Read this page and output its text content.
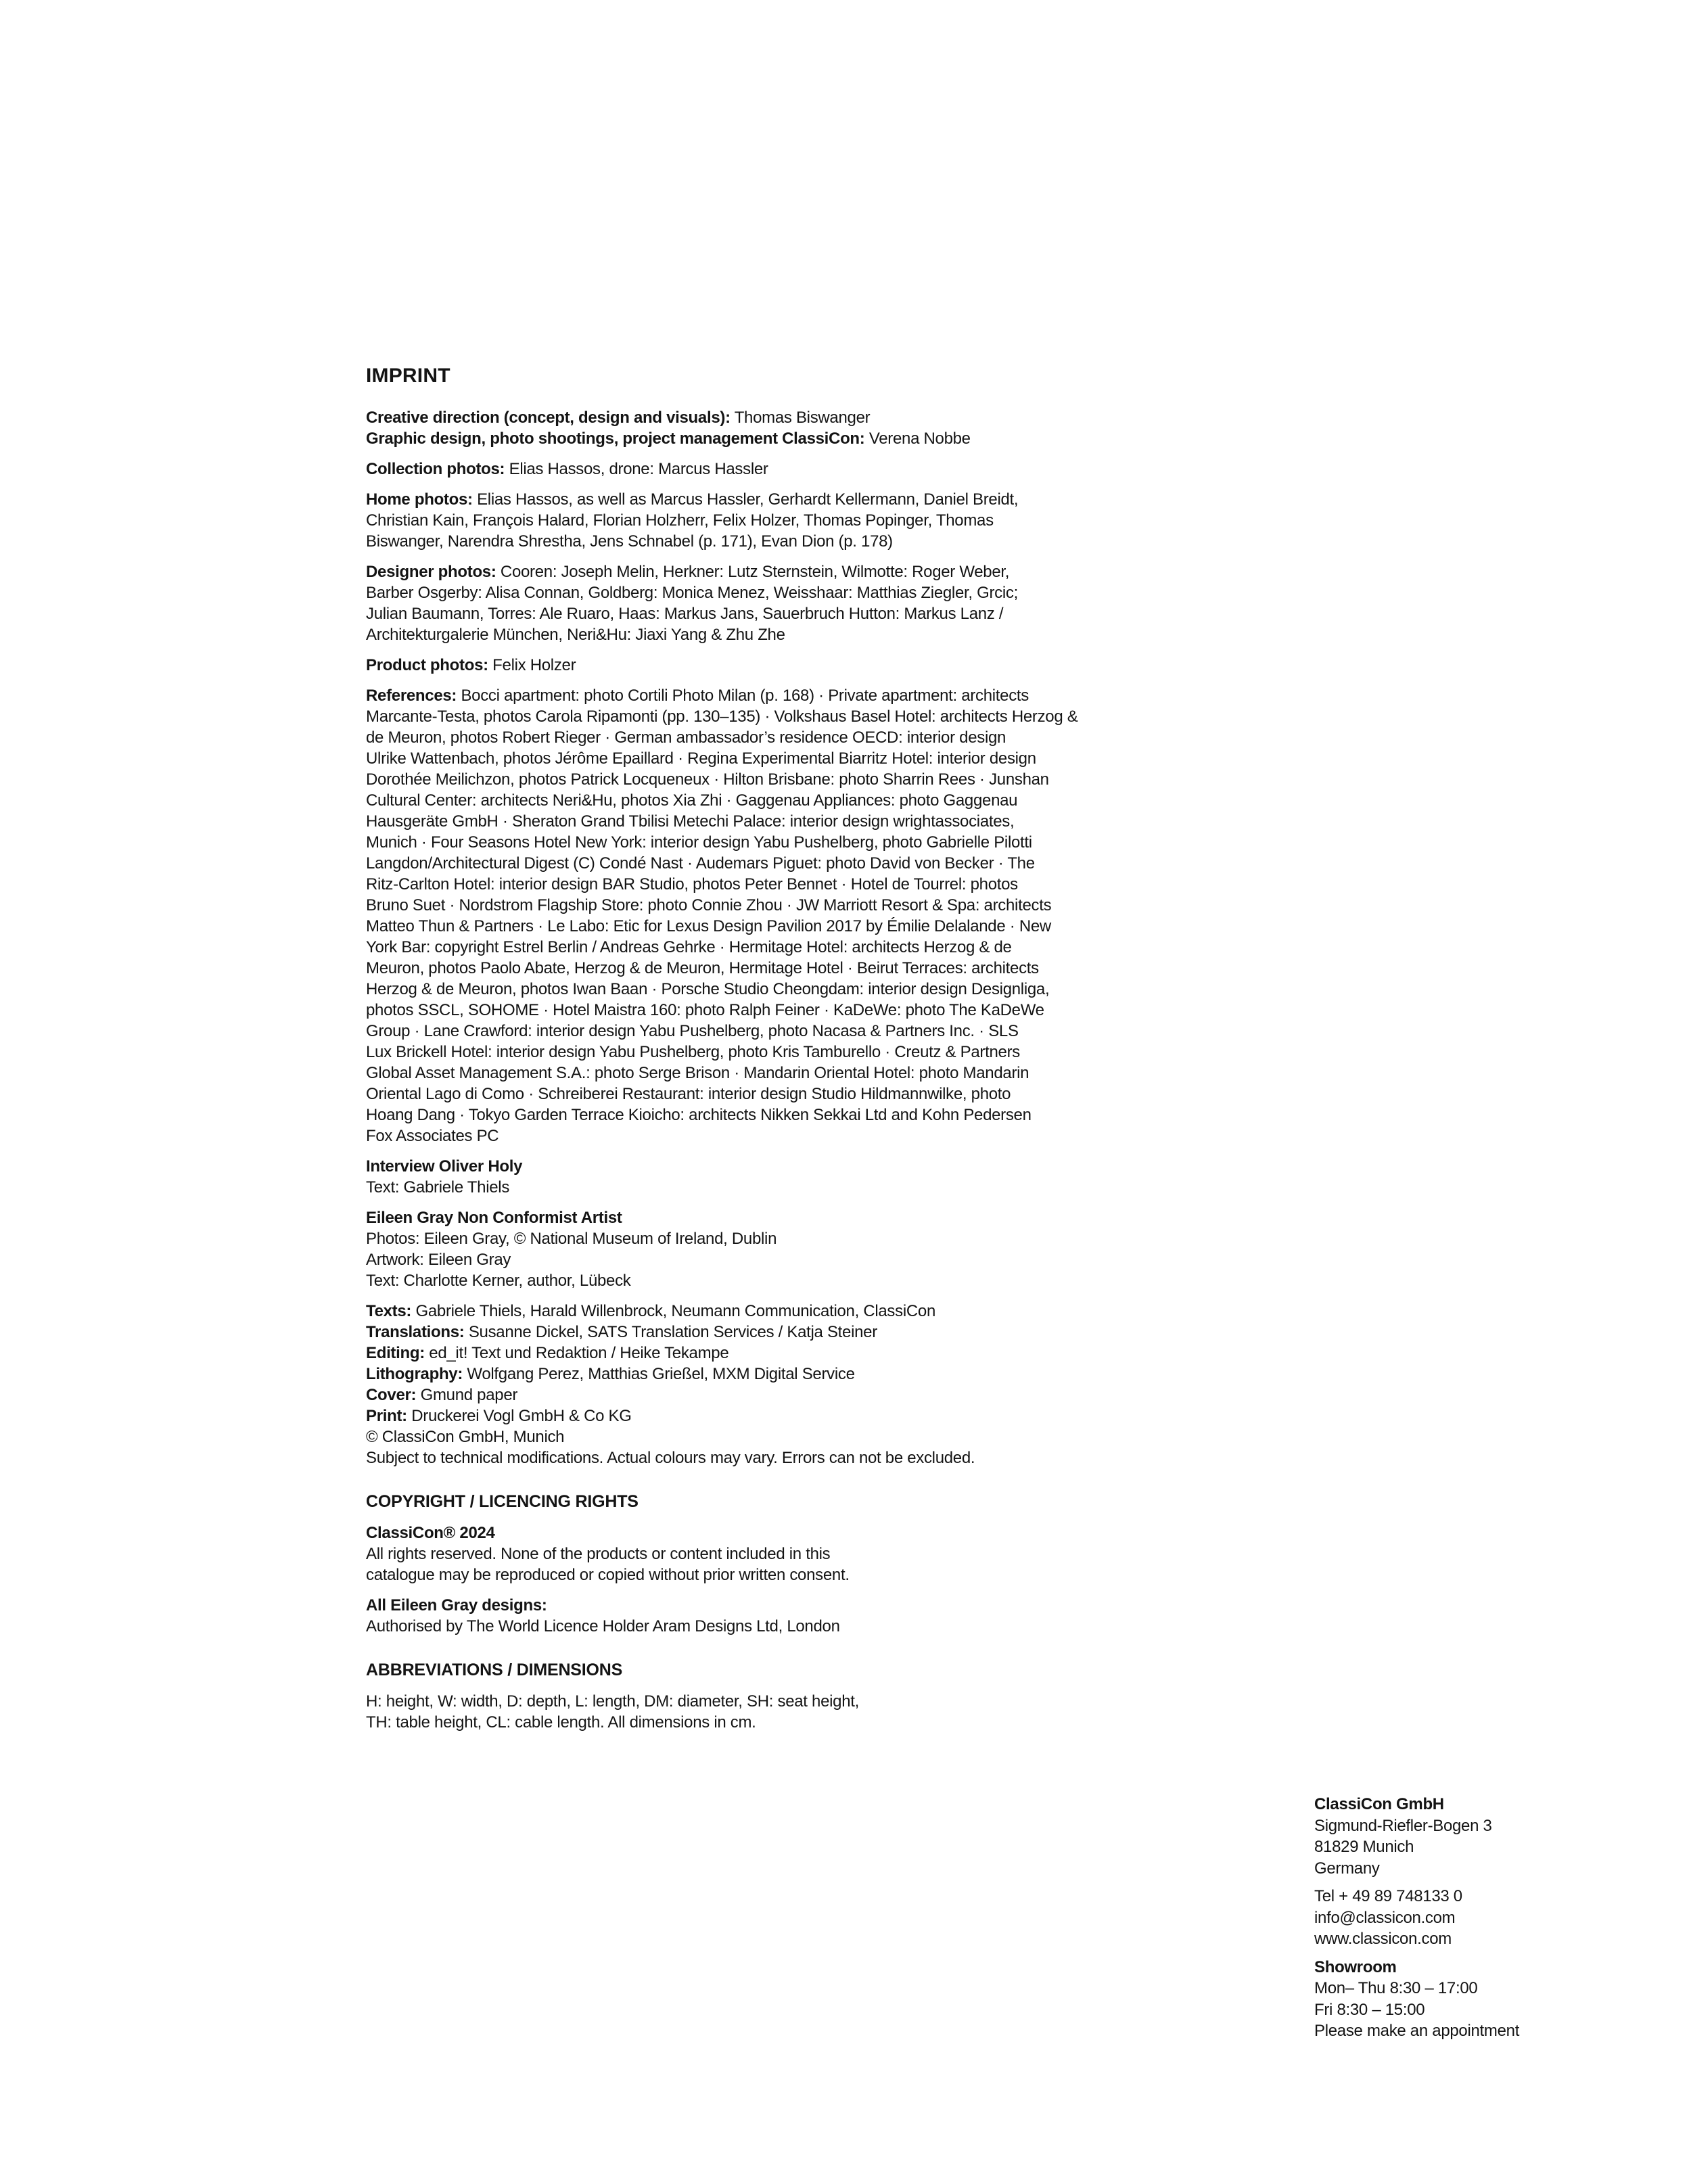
IMPRINT
Creative direction (concept, design and visuals): Thomas Biswanger
Graphic design, photo shootings, project management ClassiCon: Verena Nobbe
Collection photos: Elias Hassos, drone: Marcus Hassler
Home photos: Elias Hassos, as well as Marcus Hassler, Gerhardt Kellermann, Daniel Breidt,
Christian Kain, François Halard, Florian Holzherr, Felix Holzer, Thomas Popinger, Thomas
Biswanger, Narendra Shrestha, Jens Schnabel (p. 171), Evan Dion (p. 178)
Designer photos: Cooren: Joseph Melin, Herkner: Lutz Sternstein, Wilmotte: Roger Weber,
Barber Osgerby: Alisa Connan, Goldberg: Monica Menez, Weisshaar: Matthias Ziegler, Grcic;
Julian Baumann, Torres: Ale Ruaro, Haas: Markus Jans, Sauerbruch Hutton: Markus Lanz /
Architekturgalerie München, Neri&Hu: Jiaxi Yang & Zhu Zhe
Product photos: Felix Holzer
References: Bocci apartment: photo Cortili Photo Milan (p. 168) · Private apartment: architects
Marcante-Testa, photos Carola Ripamonti (pp. 130–135) · Volkshaus Basel Hotel: architects Herzog &
de Meuron, photos Robert Rieger · German ambassador’s residence OECD: interior design
Ulrike Wattenbach, photos Jérôme Epaillard · Regina Experimental Biarritz Hotel: interior design
Dorothée Meilichzon, photos Patrick Locqueneux · Hilton Brisbane: photo Sharrin Rees · Junshan
Cultural Center: architects Neri&Hu, photos Xia Zhi · Gaggenau Appliances: photo Gaggenau
Hausgeräte GmbH · Sheraton Grand Tbilisi Metechi Palace: interior design wrightassociates,
Munich · Four Seasons Hotel New York: interior design Yabu Pushelberg, photo Gabrielle Pilotti
Langdon/Architectural Digest (C) Condé Nast · Audemars Piguet: photo David von Becker · The
Ritz-Carlton Hotel: interior design BAR Studio, photos Peter Bennet · Hotel de Tourrel: photos
Bruno Suet · Nordstrom Flagship Store: photo Connie Zhou · JW Marriott Resort & Spa: architects
Matteo Thun & Partners · Le Labo: Etic for Lexus Design Pavilion 2017 by Émilie Delalande · New
York Bar: copyright Estrel Berlin / Andreas Gehrke · Hermitage Hotel: architects Herzog & de
Meuron, photos Paolo Abate, Herzog & de Meuron, Hermitage Hotel · Beirut Terraces: architects
Herzog & de Meuron, photos Iwan Baan · Porsche Studio Cheongdam: interior design Designliga,
photos SSCL, SOHOME · Hotel Maistra 160: photo Ralph Feiner · KaDeWe: photo The KaDeWe
Group · Lane Crawford: interior design Yabu Pushelberg, photo Nacasa & Partners Inc. · SLS
Lux Brickell Hotel: interior design Yabu Pushelberg, photo Kris Tamburello · Creutz & Partners
Global Asset Management S.A.: photo Serge Brison · Mandarin Oriental Hotel: photo Mandarin
Oriental Lago di Como · Schreiberei Restaurant: interior design Studio Hildmannwilke, photo
Hoang Dang · Tokyo Garden Terrace Kioicho: architects Nikken Sekkai Ltd and Kohn Pedersen
Fox Associates PC
Interview Oliver Holy
Text: Gabriele Thiels
Eileen Gray Non Conformist Artist
Photos: Eileen Gray, © National Museum of Ireland, Dublin
Artwork: Eileen Gray
Text: Charlotte Kerner, author, Lübeck
Texts: Gabriele Thiels, Harald Willenbrock, Neumann Communication, ClassiCon
Translations: Susanne Dickel, SATS Translation Services / Katja Steiner
Editing: ed_it! Text und Redaktion / Heike Tekampe
Lithography: Wolfgang Perez, Matthias Grießel, MXM Digital Service
Cover: Gmund paper
Print: Druckerei Vogl GmbH & Co KG
© ClassiCon GmbH, Munich
Subject to technical modifications. Actual colours may vary. Errors can not be excluded.
COPYRIGHT / LICENCING RIGHTS
ClassiCon® 2024
All rights reserved. None of the products or content included in this
catalogue may be reproduced or copied without prior written consent.
All Eileen Gray designs:
Authorised by The World Licence Holder Aram Designs Ltd, London
ABBREVIATIONS / DIMENSIONS
H: height, W: width, D: depth, L: length, DM: diameter, SH: seat height,
TH: table height, CL: cable length. All dimensions in cm.
ClassiCon GmbH
Sigmund-Riefler-Bogen 3
81829 Munich
Germany
Tel + 49 89 748133 0
info@classicon.com
www.classicon.com
Showroom
Mon– Thu 8:30 – 17:00
Fri 8:30 – 15:00
Please make an appointment
